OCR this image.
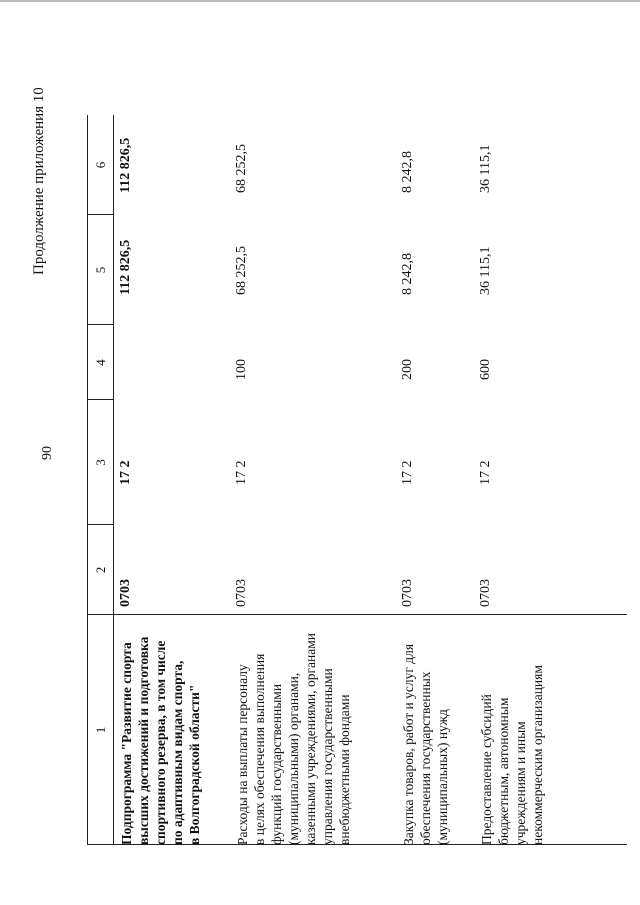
90
Продолжение приложения 10
1
2
3
4
5
6
Подпрограмма "Развитие спорта высших достижений и подготовка спортивного резерва, в том числе по адаптивным видам спорта, в Волгоградской области"
0703
17 2
112 826,5
112 826,5
Расходы на выплаты персоналу в целях обеспечения выполнения функций государственными (муниципальными) органами, казенными учреждениями, органами управления государственными внебюджетными фондами
0703
17 2
100
68 252,5
68 252,5
Закупка товаров, работ и услуг для обеспечения государственных (муниципальных) нужд
0703
17 2
200
8 242,8
8 242,8
Предоставление субсидий бюджетным, автономным учреждениям и иным некоммерческим организациям
0703
17 2
600
36 115,1
36 115,1
